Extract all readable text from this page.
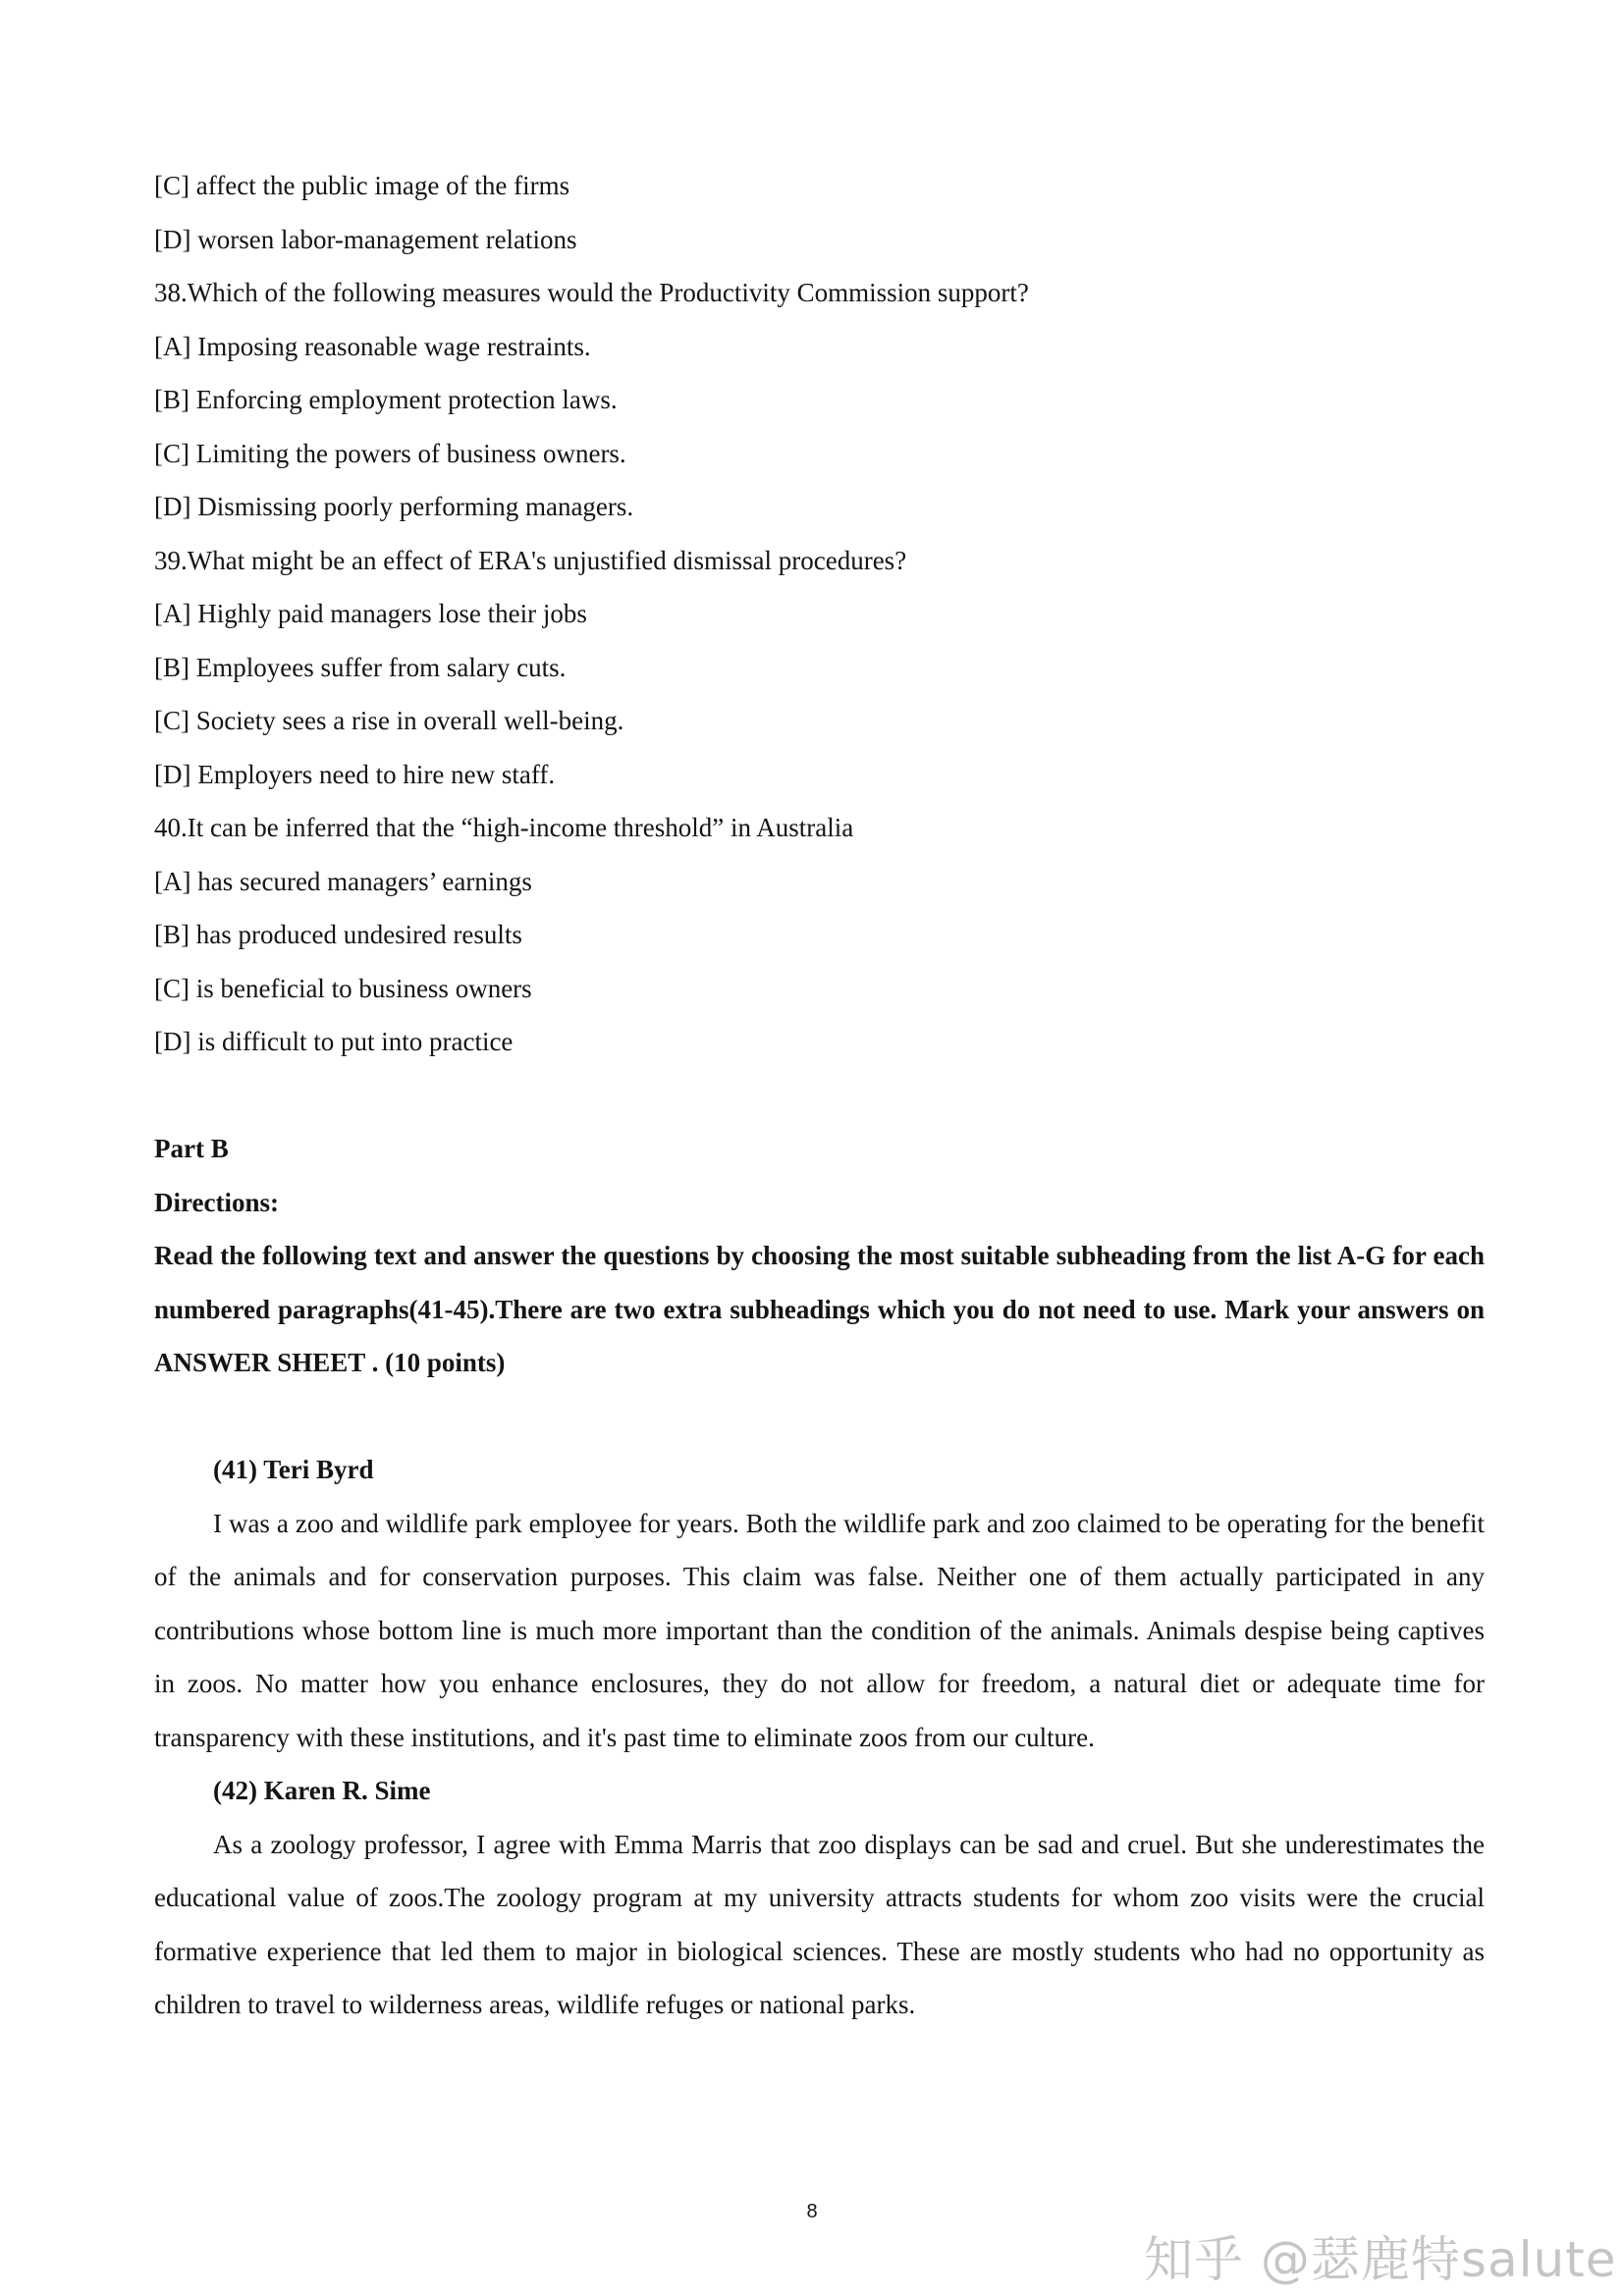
[C] affect the public image of the firms
[D] worsen labor-management relations
38.Which of the following measures would the Productivity Commission support?
[A] Imposing reasonable wage restraints.
[B] Enforcing employment protection laws.
[C] Limiting the powers of business owners.
[D] Dismissing poorly performing managers.
39.What might be an effect of ERA's unjustified dismissal procedures?
[A] Highly paid managers lose their jobs
[B] Employees suffer from salary cuts.
[C] Society sees a rise in overall well-being.
[D] Employers need to hire new staff.
40.It can be inferred that the “high-income threshold” in Australia
[A] has secured managers’ earnings
[B] has produced undesired results
[C] is beneficial to business owners
[D] is difficult to put into practice
Part B
Directions:
Read the following text and answer the questions by choosing the most suitable subheading from the list A-G for each numbered paragraphs(41-45).There are two extra subheadings which you do not need to use. Mark your answers on ANSWER SHEET . (10 points)
(41) Teri Byrd
I was a zoo and wildlife park employee for years. Both the wildlife park and zoo claimed to be operating for the benefit of the animals and for conservation purposes. This claim was false. Neither one of them actually participated in any contributions whose bottom line is much more important than the condition of the animals. Animals despise being captives in zoos. No matter how you enhance enclosures, they do not allow for freedom, a natural diet or adequate time for transparency with these institutions, and it's past time to eliminate zoos from our culture.
(42) Karen R. Sime
As a zoology professor, I agree with Emma Marris that zoo displays can be sad and cruel. But she underestimates the educational value of zoos.The zoology program at my university attracts students for whom zoo visits were the crucial formative experience that led them to major in biological sciences. These are mostly students who had no opportunity as children to travel to wilderness areas, wildlife refuges or national parks.
8
知乎 @瑟鹿特salute
